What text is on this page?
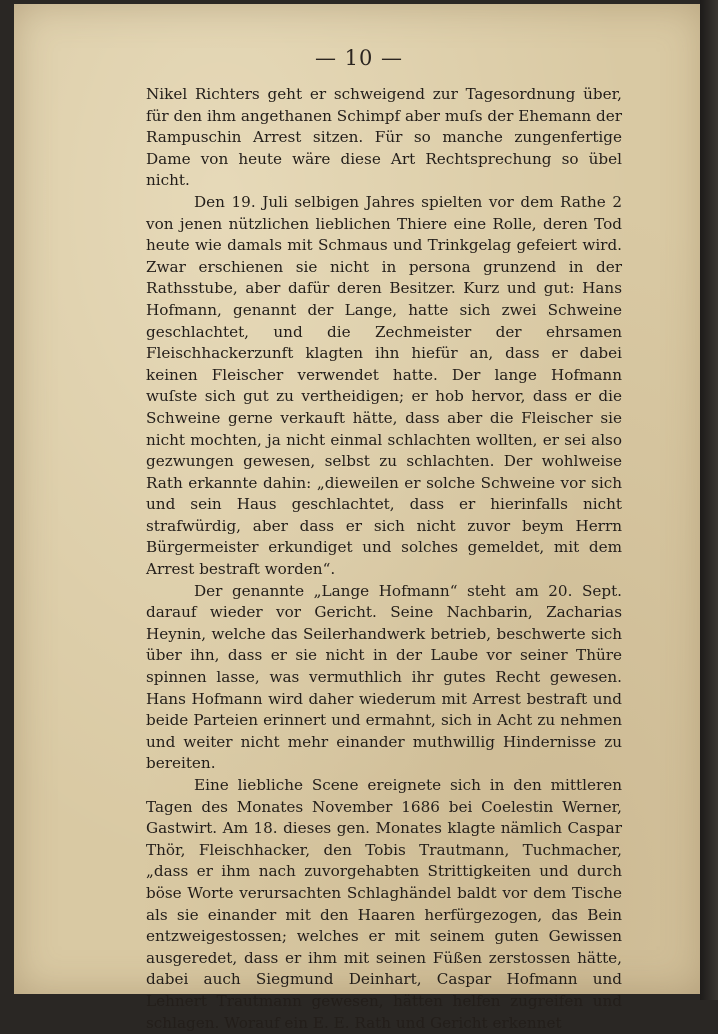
— 10 —

Nikel Richters geht er schweigend zur Tagesordnung über, für den ihm angethanen Schimpf aber muſs der Ehemann der Rampuschin Arrest sitzen. Für so manche zungenfertige Dame von heute wäre diese Art Rechtsprechung so übel nicht.

Den 19. Juli selbigen Jahres spielten vor dem Rathe 2 von jenen nützlichen lieblichen Thiere eine Rolle, deren Tod heute wie damals mit Schmaus und Trinkgelag gefeiert wird. Zwar erschienen sie nicht in persona grunzend in der Rathsstube, aber dafür deren Besitzer. Kurz und gut: Hans Hofmann, genannt der Lange, hatte sich zwei Schweine geschlachtet, und die Zechmeister der ehrsamen Fleischhackerzunft klagten ihn hiefür an, dass er dabei keinen Fleischer verwendet hatte. Der lange Hofmann wuſste sich gut zu vertheidigen; er hob hervor, dass er die Schweine gerne verkauft hätte, dass aber die Fleischer sie nicht mochten, ja nicht einmal schlachten wollten, er sei also gezwungen gewesen, selbst zu schlachten. Der wohlweise Rath erkannte dahin: „dieweilen er solche Schweine vor sich und sein Haus geschlachtet, dass er hierinfalls nicht strafwürdig, aber dass er sich nicht zuvor beym Herrn Bürgermeister erkundiget und solches gemeldet, mit dem Arrest bestraft worden“.

Der genannte „Lange Hofmann“ steht am 20. Sept. darauf wieder vor Gericht. Seine Nachbarin, Zacharias Heynin, welche das Seilerhandwerk betrieb, beschwerte sich über ihn, dass er sie nicht in der Laube vor seiner Thüre spinnen lasse, was vermuthlich ihr gutes Recht gewesen. Hans Hofmann wird daher wiederum mit Arrest bestraft und beide Parteien erinnert und ermahnt, sich in Acht zu nehmen und weiter nicht mehr einander muthwillig Hindernisse zu bereiten.

Eine liebliche Scene ereignete sich in den mittleren Tagen des Monates November 1686 bei Coelestin Werner, Gastwirt. Am 18. dieses gen. Monates klagte nämlich Caspar Thör, Fleischhacker, den Tobis Trautmann, Tuchmacher, „dass er ihm nach zuvorgehabten Strittigkeiten und durch böse Worte verursachten Schlaghändel baldt vor dem Tische als sie einander mit den Haaren herfürgezogen, das Bein entzweigestossen; welches er mit seinem guten Gewissen ausgeredet, dass er ihm mit seinen Füßen zerstossen hätte, dabei auch Siegmund Deinhart, Caspar Hofmann und Lehnert Trautmann gewesen, hätten helfen zugreifen und schlagen. Worauf ein E. E. Rath und Gericht erkennet
